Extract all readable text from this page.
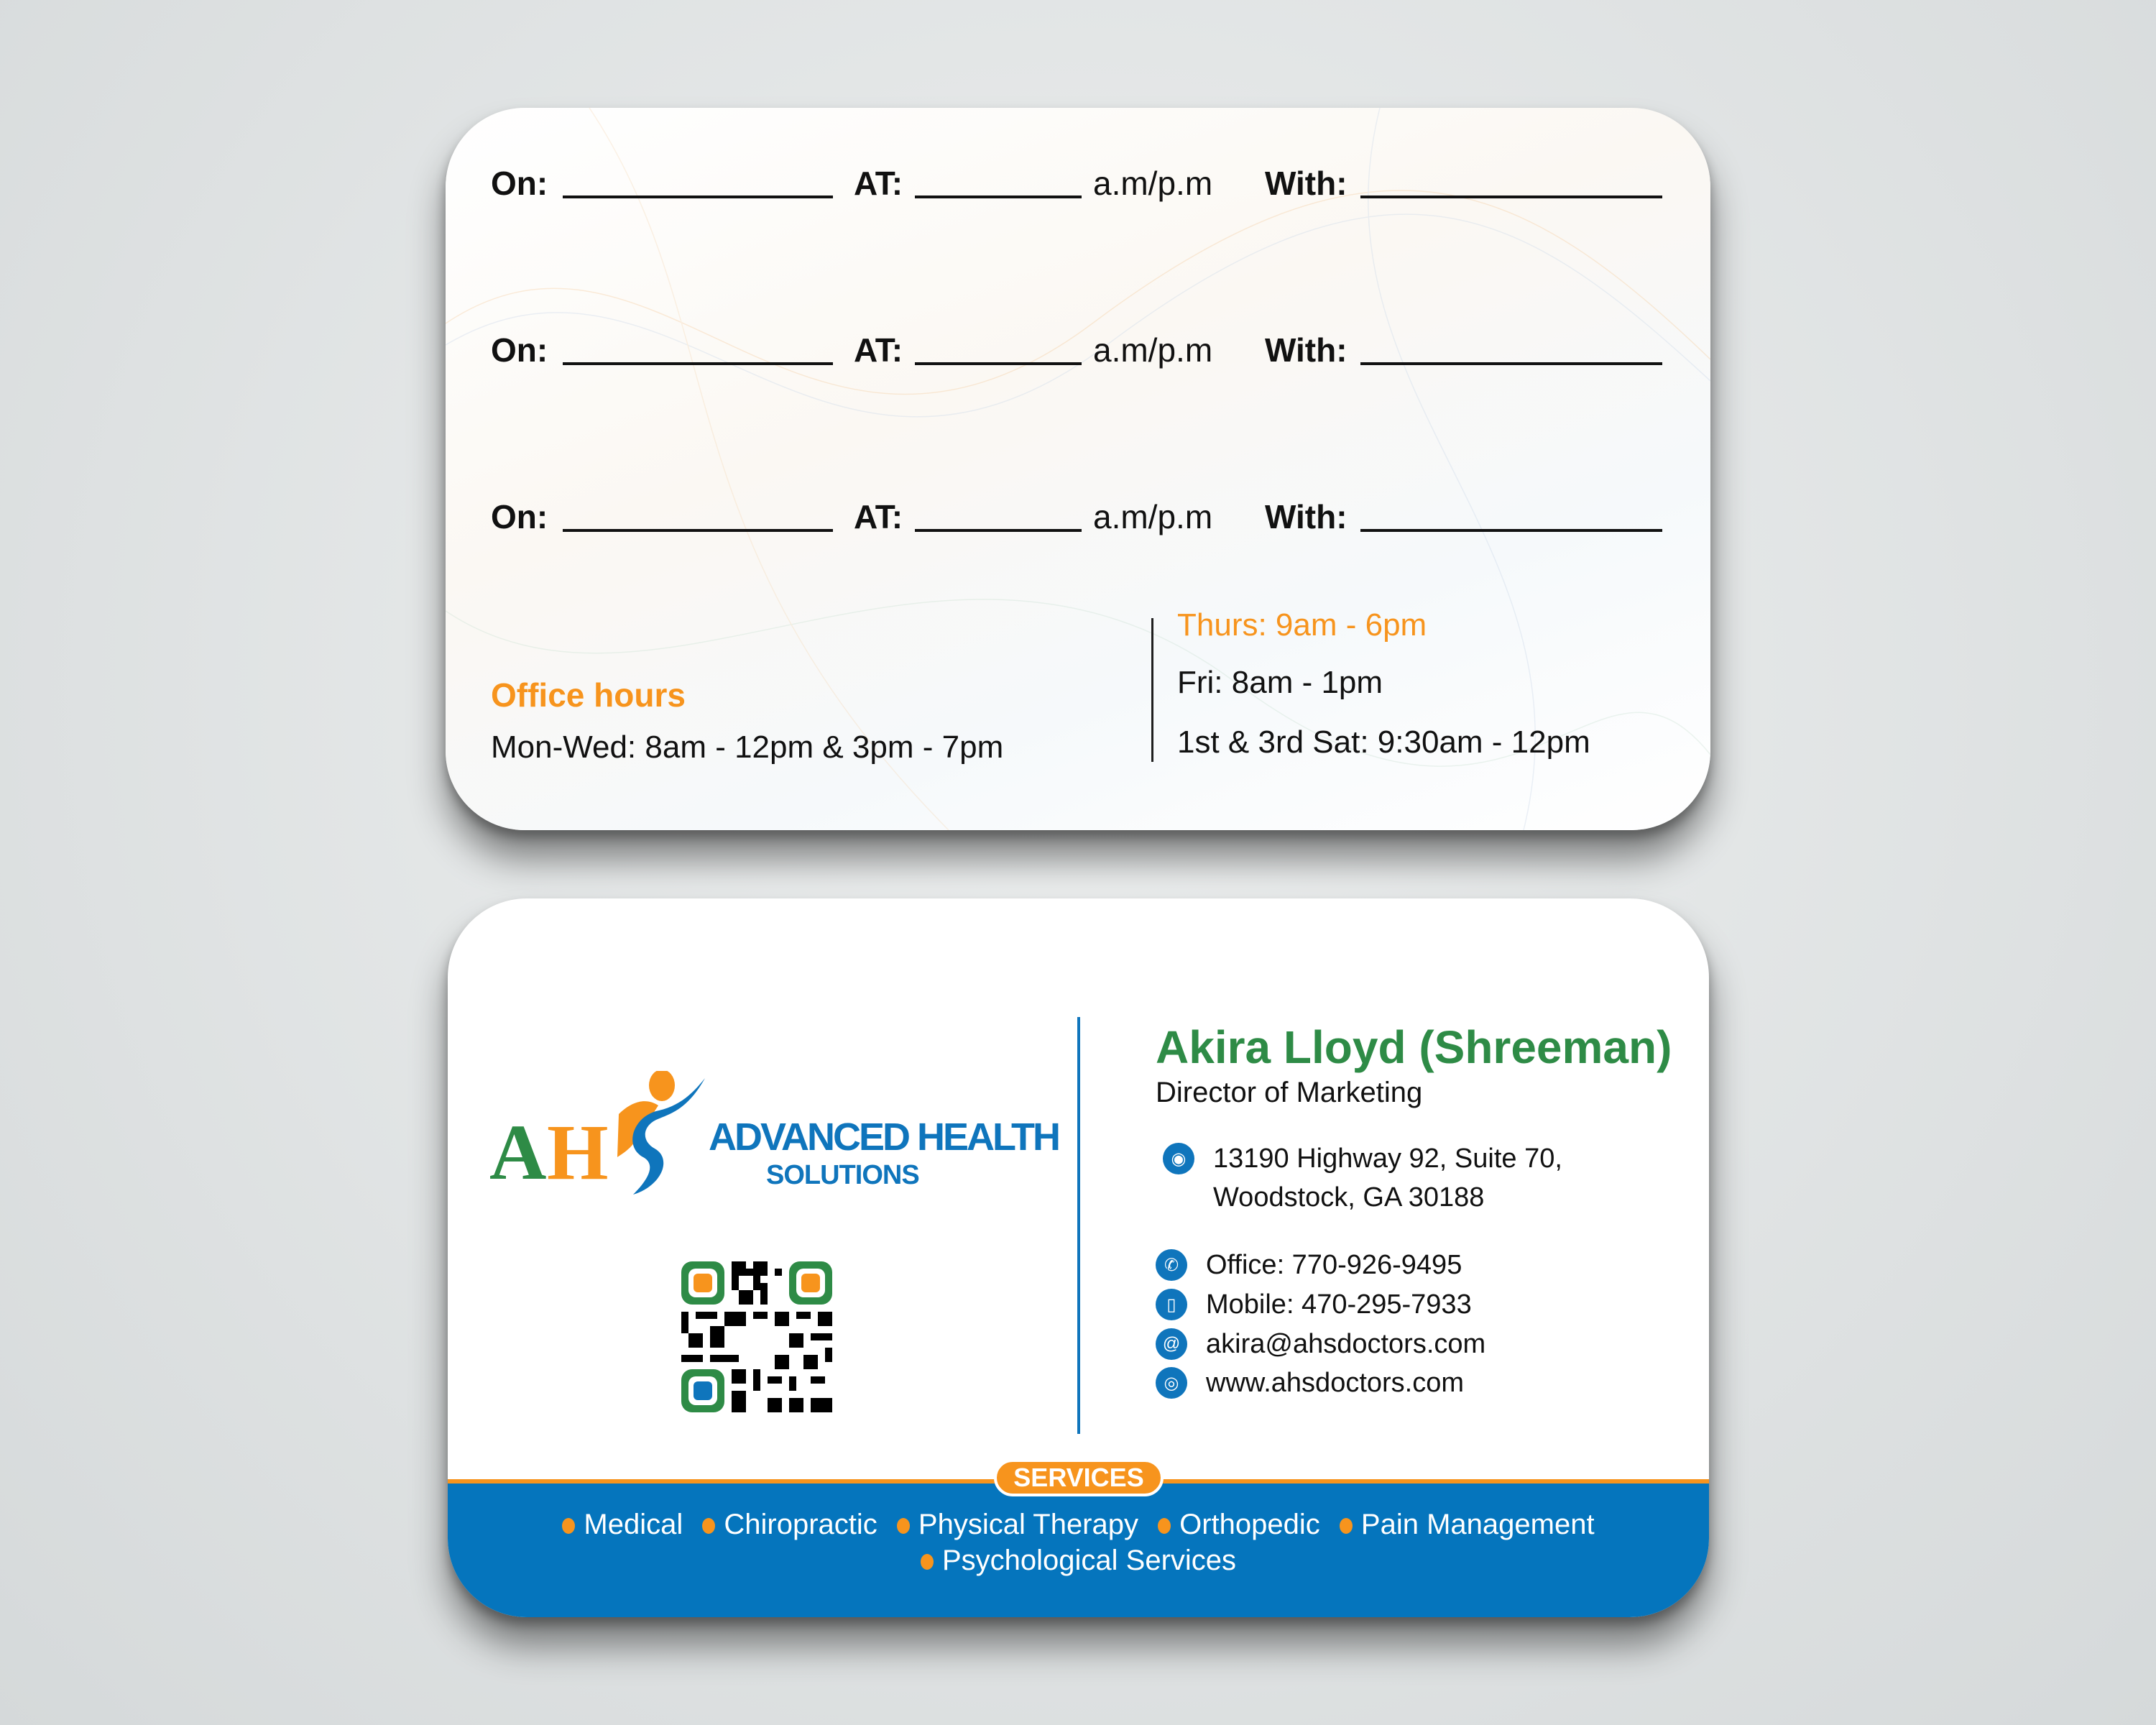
On:	AT:	a.m/p.m With:
On:	AT:	a.m/p.m With:
On:	AT:	a.m/p.m With:
Office hours
Mon-Wed: 8am - 12pm & 3pm - 7pm
Thurs: 9am - 6pm
Fri: 8am - 1pm
1st & 3rd Sat: 9:30am - 12pm
A H	ADVANCED HEALTH
SOLUTIONS
Akira Lloyd (Shreeman)
Director of Marketing
◉ 13190 Highway 92, Suite 70,
Woodstock, GA 30188
✆ Office: 770-926-9495
▯	Mobile: 470-295-7933
@ akira@ahsdoctors.com
◎ www.ahsdoctors.com
Medical Chiropractic Physical Therapy Orthopedic Pain Management
Psychological Services
SERVICES
